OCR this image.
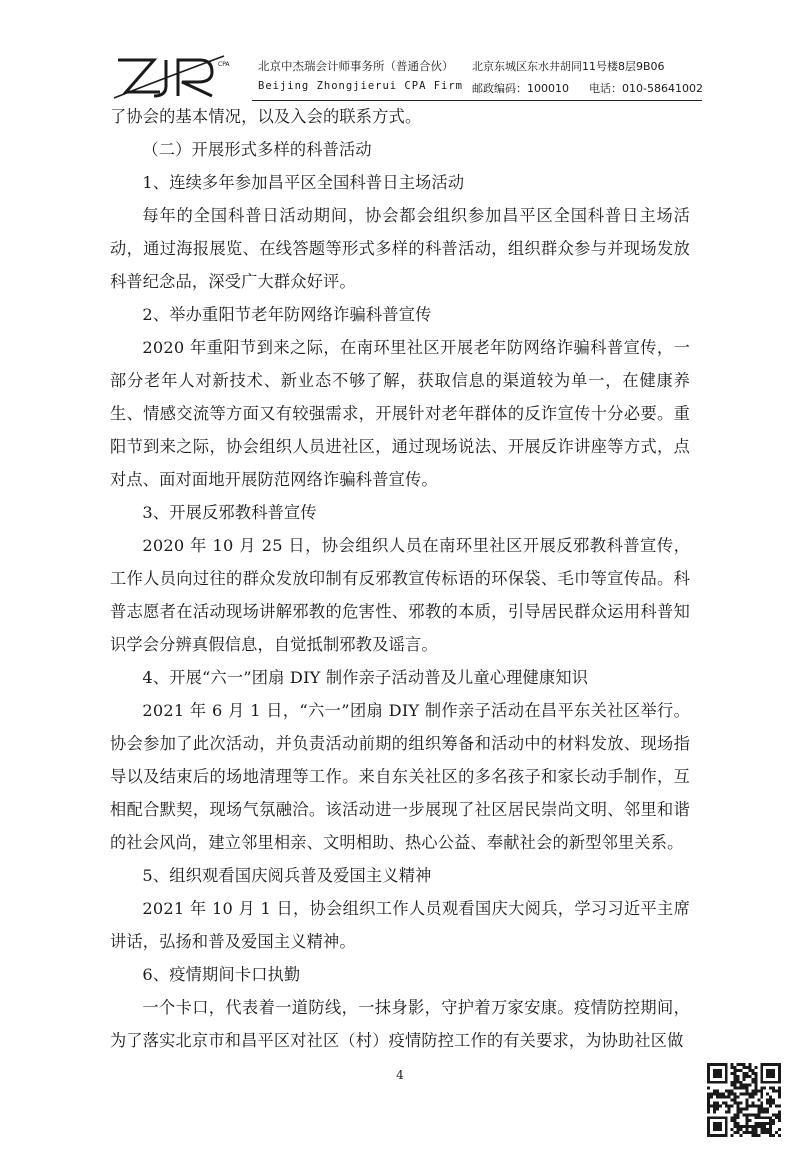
CPA 北京中杰瑞会计师事务所（普通合伙）
Beijing Zhongjierui CPA Firm
北京东城区东水井胡同11号楼8层9B06
邮政编码：100010 电话：010-58641002

了协会的基本情况，以及入会的联系方式。

（二）开展形式多样的科普活动

1、连续多年参加昌平区全国科普日主场活动

每年的全国科普日活动期间，协会都会组织参加昌平区全国科普日主场活动，通过海报展览、在线答题等形式多样的科普活动，组织群众参与并现场发放科普纪念品，深受广大群众好评。

2、举办重阳节老年防网络诈骗科普宣传

2020 年重阳节到来之际，在南环里社区开展老年防网络诈骗科普宣传，一部分老年人对新技术、新业态不够了解，获取信息的渠道较为单一，在健康养生、情感交流等方面又有较强需求，开展针对老年群体的反诈宣传十分必要。重阳节到来之际，协会组织人员进社区，通过现场说法、开展反诈讲座等方式，点对点、面对面地开展防范网络诈骗科普宣传。

3、开展反邪教科普宣传

2020 年 10 月 25 日，协会组织人员在南环里社区开展反邪教科普宣传，工作人员向过往的群众发放印制有反邪教宣传标语的环保袋、毛巾等宣传品。科普志愿者在活动现场讲解邪教的危害性、邪教的本质，引导居民群众运用科普知识学会分辨真假信息，自觉抵制邪教及谣言。

4、开展“六一”团扇 DIY 制作亲子活动普及儿童心理健康知识

2021 年 6 月 1 日，“六一”团扇 DIY 制作亲子活动在昌平东关社区举行。协会参加了此次活动，并负责活动前期的组织筹备和活动中的材料发放、现场指导以及结束后的场地清理等工作。来自东关社区的多名孩子和家长动手制作，互相配合默契，现场气氛融洽。该活动进一步展现了社区居民崇尚文明、邻里和谐的社会风尚，建立邻里相亲、文明相助、热心公益、奉献社会的新型邻里关系。

5、组织观看国庆阅兵普及爱国主义精神

2021 年 10 月 1 日，协会组织工作人员观看国庆大阅兵，学习习近平主席讲话，弘扬和普及爱国主义精神。

6、疫情期间卡口执勤

一个卡口，代表着一道防线，一抹身影，守护着万家安康。疫情防控期间，为了落实北京市和昌平区对社区（村）疫情防控工作的有关要求，为协助社区做

4
